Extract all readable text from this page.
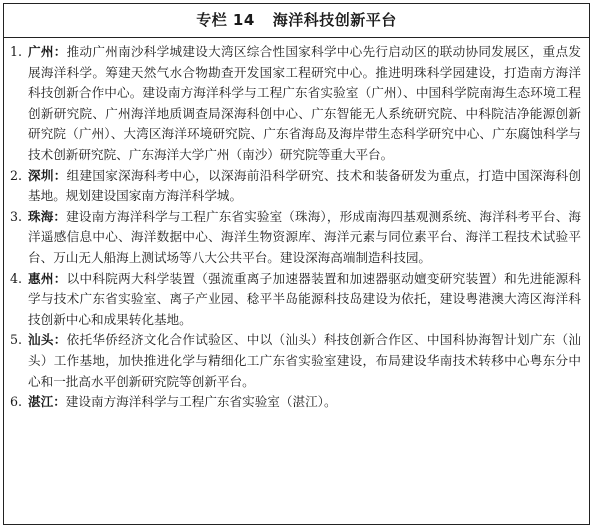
专栏 14 海洋科技创新平台
1. 广州：推动广州南沙科学城建设大湾区综合性国家科学中心先行启动区的联动协同发展区，重点发展海洋科学。筹建天然气水合物勘查开发国家工程研究中心。推进明珠科学园建设，打造南方海洋科技创新合作中心。建设南方海洋科学与工程广东省实验室（广州）、中国科学院南海生态环境工程创新研究院、广州海洋地质调查局深海科创中心、广东智能无人系统研究院、中科院洁净能源创新研究院（广州）、大湾区海洋环境研究院、广东省海岛及海岸带生态科学研究中心、广东腐蚀科学与技术创新研究院、广东海洋大学广州（南沙）研究院等重大平台。
2. 深圳：组建国家深海科考中心，以深海前沿科学研究、技术和装备研发为重点，打造中国深海科创基地。规划建设国家南方海洋科学城。
3. 珠海：建设南方海洋科学与工程广东省实验室（珠海），形成南海四基观测系统、海洋科考平台、海洋遥感信息中心、海洋数据中心、海洋生物资源库、海洋元素与同位素平台、海洋工程技术试验平台、万山无人船海上测试场等八大公共平台。建设深海高端制造科技园。
4. 惠州：以中科院两大科学装置（强流重离子加速器装置和加速器驱动嬗变研究装置）和先进能源科学与技术广东省实验室、离子产业园、稔平半岛能源科技岛建设为依托，建设粤港澳大湾区海洋科技创新中心和成果转化基地。
5. 汕头：依托华侨经济文化合作试验区、中以（汕头）科技创新合作区、中国科协海智计划广东（汕头）工作基地，加快推进化学与精细化工广东省实验室建设，布局建设华南技术转移中心粤东分中心和一批高水平创新研究院等创新平台。
6. 湛江：建设南方海洋科学与工程广东省实验室（湛江）。
